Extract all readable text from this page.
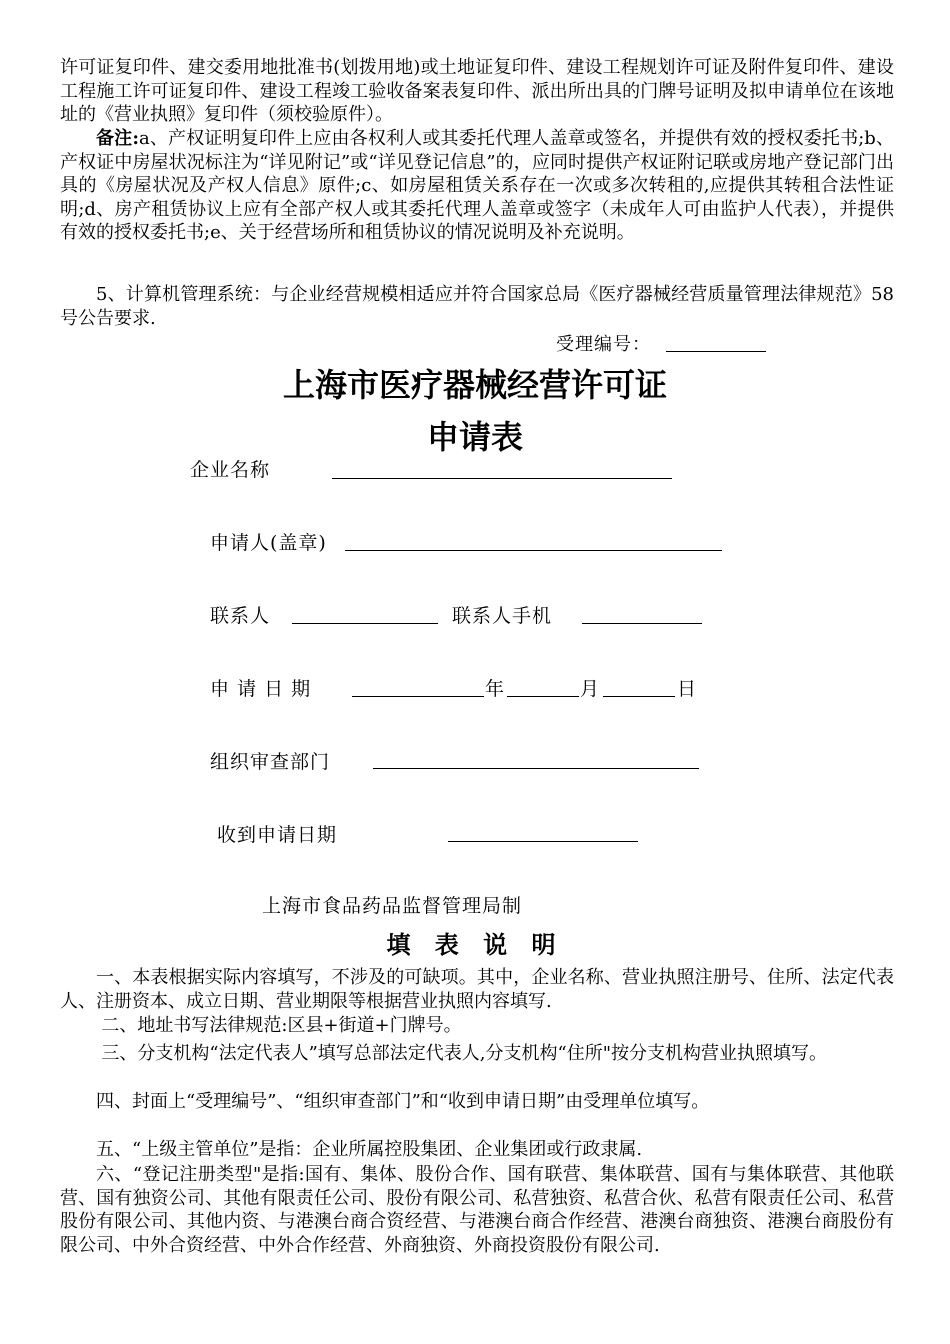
许可证复印件、建交委用地批准书(划拨用地)或土地证复印件、建设工程规划许可证及附件复印件、建设工程施工许可证复印件、建设工程竣工验收备案表复印件、派出所出具的门牌号证明及拟申请单位在该地址的《营业执照》复印件（须校验原件）。
备注:a、产权证明复印件上应由各权利人或其委托代理人盖章或签名，并提供有效的授权委托书;b、产权证中房屋状况标注为“详见附记”或“详见登记信息”的，应同时提供产权证附记联或房地产登记部门出具的《房屋状况及产权人信息》原件;c、如房屋租赁关系存在一次或多次转租的,应提供其转租合法性证明;d、房产租赁协议上应有全部产权人或其委托代理人盖章或签字（未成年人可由监护人代表），并提供有效的授权委托书;e、关于经营场所和租赁协议的情况说明及补充说明。
5、计算机管理系统：与企业经营规模相适应并符合国家总局《医疗器械经营质量管理法律规范》58号公告要求.
受理编号：
上海市医疗器械经营许可证
申请表
企业名称
申请人(盖章)
联系人	联系人手机
申 请 日 期	年	月	日
组织审查部门
收到申请日期
上海市食品药品监督管理局制
填 表 说 明
一、本表根据实际内容填写，不涉及的可缺项。其中，企业名称、营业执照注册号、住所、法定代表人、注册资本、成立日期、营业期限等根据营业执照内容填写.
二、地址书写法律规范:区县+街道+门牌号。
三、分支机构“法定代表人”填写总部法定代表人,分支机构“住所"按分支机构营业执照填写。
四、封面上“受理编号”、“组织审查部门”和“收到申请日期”由受理单位填写。
五、“上级主管单位”是指：企业所属控股集团、企业集团或行政隶属.
六、“登记注册类型"是指:国有、集体、股份合作、国有联营、集体联营、国有与集体联营、其他联营、国有独资公司、其他有限责任公司、股份有限公司、私营独资、私营合伙、私营有限责任公司、私营股份有限公司、其他内资、与港澳台商合资经营、与港澳台商合作经营、港澳台商独资、港澳台商股份有限公司、中外合资经营、中外合作经营、外商独资、外商投资股份有限公司.
